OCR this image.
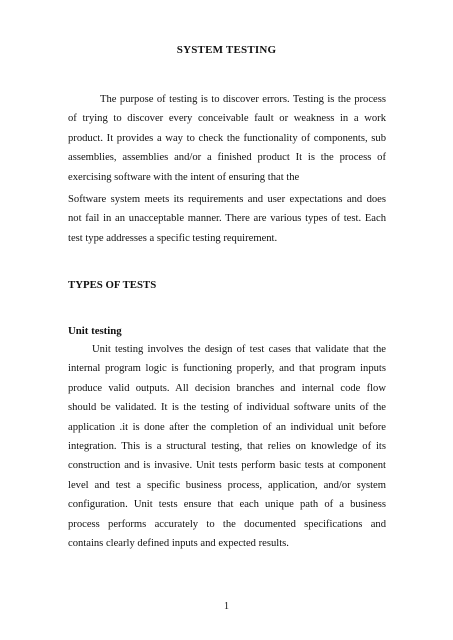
SYSTEM TESTING
The purpose of testing is to discover errors. Testing is the process
of trying to discover every conceivable fault or weakness in a work
product. It provides a way to check the functionality of components, sub
assemblies, assemblies and/or a finished product It is the process of
exercising software with the intent of ensuring that the
Software system meets its requirements and user expectations and does
not fail in an unacceptable manner. There are various types of test. Each
test type addresses a specific testing requirement.
TYPES OF TESTS
Unit testing
Unit testing involves the design of test cases that validate that the
internal program logic is functioning properly, and that program inputs
produce valid outputs. All decision branches and internal code flow
should be validated. It is the testing of individual software units of the
application .it is done after the completion of an individual unit before
integration. This is a structural testing, that relies on knowledge of its
construction and is invasive. Unit tests perform basic tests at component
level and test a specific business process, application, and/or system
configuration. Unit tests ensure that each unique path of a business
process performs accurately to the documented specifications and
contains clearly defined inputs and expected results.
1
